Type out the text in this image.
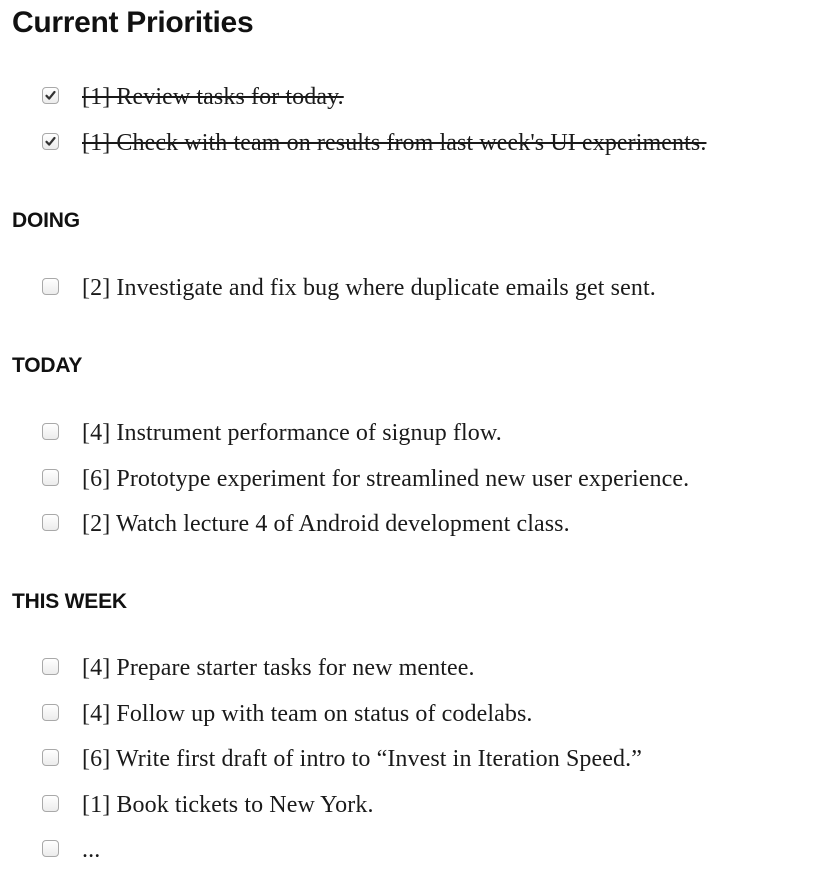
Current Priorities
[1] Review tasks for today.
[1] Check with team on results from last week's UI experiments.
DOING
[2] Investigate and fix bug where duplicate emails get sent.
TODAY
[4] Instrument performance of signup flow.
[6] Prototype experiment for streamlined new user experience.
[2] Watch lecture 4 of Android development class.
THIS WEEK
[4] Prepare starter tasks for new mentee.
[4] Follow up with team on status of codelabs.
[6] Write first draft of intro to “Invest in Iteration Speed.”
[1] Book tickets to New York.
...
